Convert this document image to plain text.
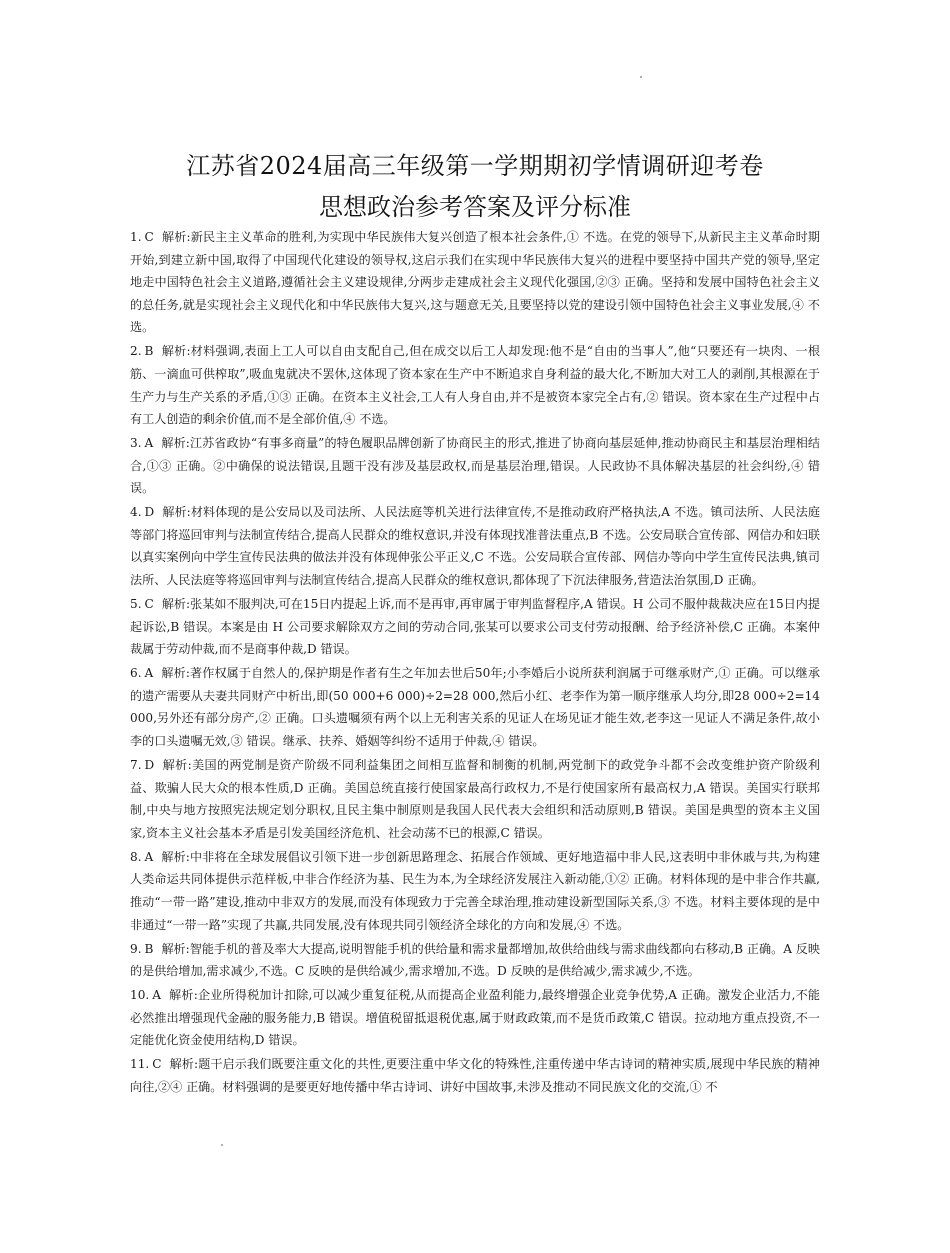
江苏省2024届高三年级第一学期期初学情调研迎考卷
思想政治参考答案及评分标准

1. C 解析:新民主主义革命的胜利,为实现中华民族伟大复兴创造了根本社会条件,① 不选。在党的领导下,从新民主主义革命时期开始,到建立新中国,取得了中国现代化建设的领导权,这启示我们在实现中华民族伟大复兴的进程中要坚持中国共产党的领导,坚定地走中国特色社会主义道路,遵循社会主义建设规律,分两步走建成社会主义现代化强国,②③ 正确。坚持和发展中国特色社会主义的总任务,就是实现社会主义现代化和中华民族伟大复兴,这与题意无关,且要坚持以党的建设引领中国特色社会主义事业发展,④ 不选。

2. B 解析:材料强调,表面上工人可以自由支配自己,但在成交以后工人却发现:他不是“自由的当事人”,他“只要还有一块肉、一根筋、一滴血可供榨取”,吸血鬼就决不罢休,这体现了资本家在生产中不断追求自身利益的最大化,不断加大对工人的剥削,其根源在于生产力与生产关系的矛盾,①③ 正确。在资本主义社会,工人有人身自由,并不是被资本家完全占有,② 错误。资本家在生产过程中占有工人创造的剩余价值,而不是全部价值,④ 不选。

3. A 解析:江苏省政协“有事多商量”的特色履职品牌创新了协商民主的形式,推进了协商向基层延伸,推动协商民主和基层治理相结合,①③ 正确。②中确保的说法错误,且题干没有涉及基层政权,而是基层治理,错误。人民政协不具体解决基层的社会纠纷,④ 错误。

4. D 解析:材料体现的是公安局以及司法所、人民法庭等机关进行法律宣传,不是推动政府严格执法,A 不选。镇司法所、人民法庭等部门将巡回审判与法制宣传结合,提高人民群众的维权意识,并没有体现找准普法重点,B 不选。公安局联合宣传部、网信办和妇联以真实案例向中学生宣传民法典的做法并没有体现伸张公平正义,C 不选。公安局联合宣传部、网信办等向中学生宣传民法典,镇司法所、人民法庭等将巡回审判与法制宣传结合,提高人民群众的维权意识,都体现了下沉法律服务,营造法治氛围,D 正确。

5. C 解析:张某如不服判决,可在15日内提起上诉,而不是再审,再审属于审判监督程序,A 错误。H 公司不服仲裁裁决应在15日内提起诉讼,B 错误。本案是由 H 公司要求解除双方之间的劳动合同,张某可以要求公司支付劳动报酬、给予经济补偿,C 正确。本案仲裁属于劳动仲裁,而不是商事仲裁,D 错误。

6. A 解析:著作权属于自然人的,保护期是作者有生之年加去世后50年;小李婚后小说所获利润属于可继承财产,① 正确。可以继承的遗产需要从夫妻共同财产中析出,即(50 000+6 000)÷2=28 000,然后小红、老李作为第一顺序继承人均分,即28 000÷2=14 000,另外还有部分房产,② 正确。口头遗嘱须有两个以上无利害关系的见证人在场见证才能生效,老李这一见证人不满足条件,故小李的口头遗嘱无效,③ 错误。继承、扶养、婚姻等纠纷不适用于仲裁,④ 错误。

7. D 解析:美国的两党制是资产阶级不同利益集团之间相互监督和制衡的机制,两党制下的政党争斗都不会改变维护资产阶级利益、欺骗人民大众的根本性质,D 正确。美国总统直接行使国家最高行政权力,不是行使国家所有最高权力,A 错误。美国实行联邦制,中央与地方按照宪法规定划分职权,且民主集中制原则是我国人民代表大会组织和活动原则,B 错误。美国是典型的资本主义国家,资本主义社会基本矛盾是引发美国经济危机、社会动荡不已的根源,C 错误。

8. A 解析:中非将在全球发展倡议引领下进一步创新思路理念、拓展合作领域、更好地造福中非人民,这表明中非休戚与共,为构建人类命运共同体提供示范样板,中非合作经济为基、民生为本,为全球经济发展注入新动能,①② 正确。材料体现的是中非合作共赢,推动“一带一路”建设,推动中非双方的发展,而没有体现致力于完善全球治理,推动建设新型国际关系,③ 不选。材料主要体现的是中非通过“一带一路”实现了共赢,共同发展,没有体现共同引领经济全球化的方向和发展,④ 不选。

9. B 解析:智能手机的普及率大大提高,说明智能手机的供给量和需求量都增加,故供给曲线与需求曲线都向右移动,B 正确。A 反映的是供给增加,需求减少,不选。C 反映的是供给减少,需求增加,不选。D 反映的是供给减少,需求减少,不选。

10. A 解析:企业所得税加计扣除,可以减少重复征税,从而提高企业盈利能力,最终增强企业竞争优势,A 正确。激发企业活力,不能必然推出增强现代金融的服务能力,B 错误。增值税留抵退税优惠,属于财政政策,而不是货币政策,C 错误。拉动地方重点投资,不一定能优化资金使用结构,D 错误。

11. C 解析:题干启示我们既要注重文化的共性,更要注重中华文化的特殊性,注重传递中华古诗词的精神实质,展现中华民族的精神向往,②④ 正确。材料强调的是要更好地传播中华古诗词、讲好中国故事,未涉及推动不同民族文化的交流,① 不
